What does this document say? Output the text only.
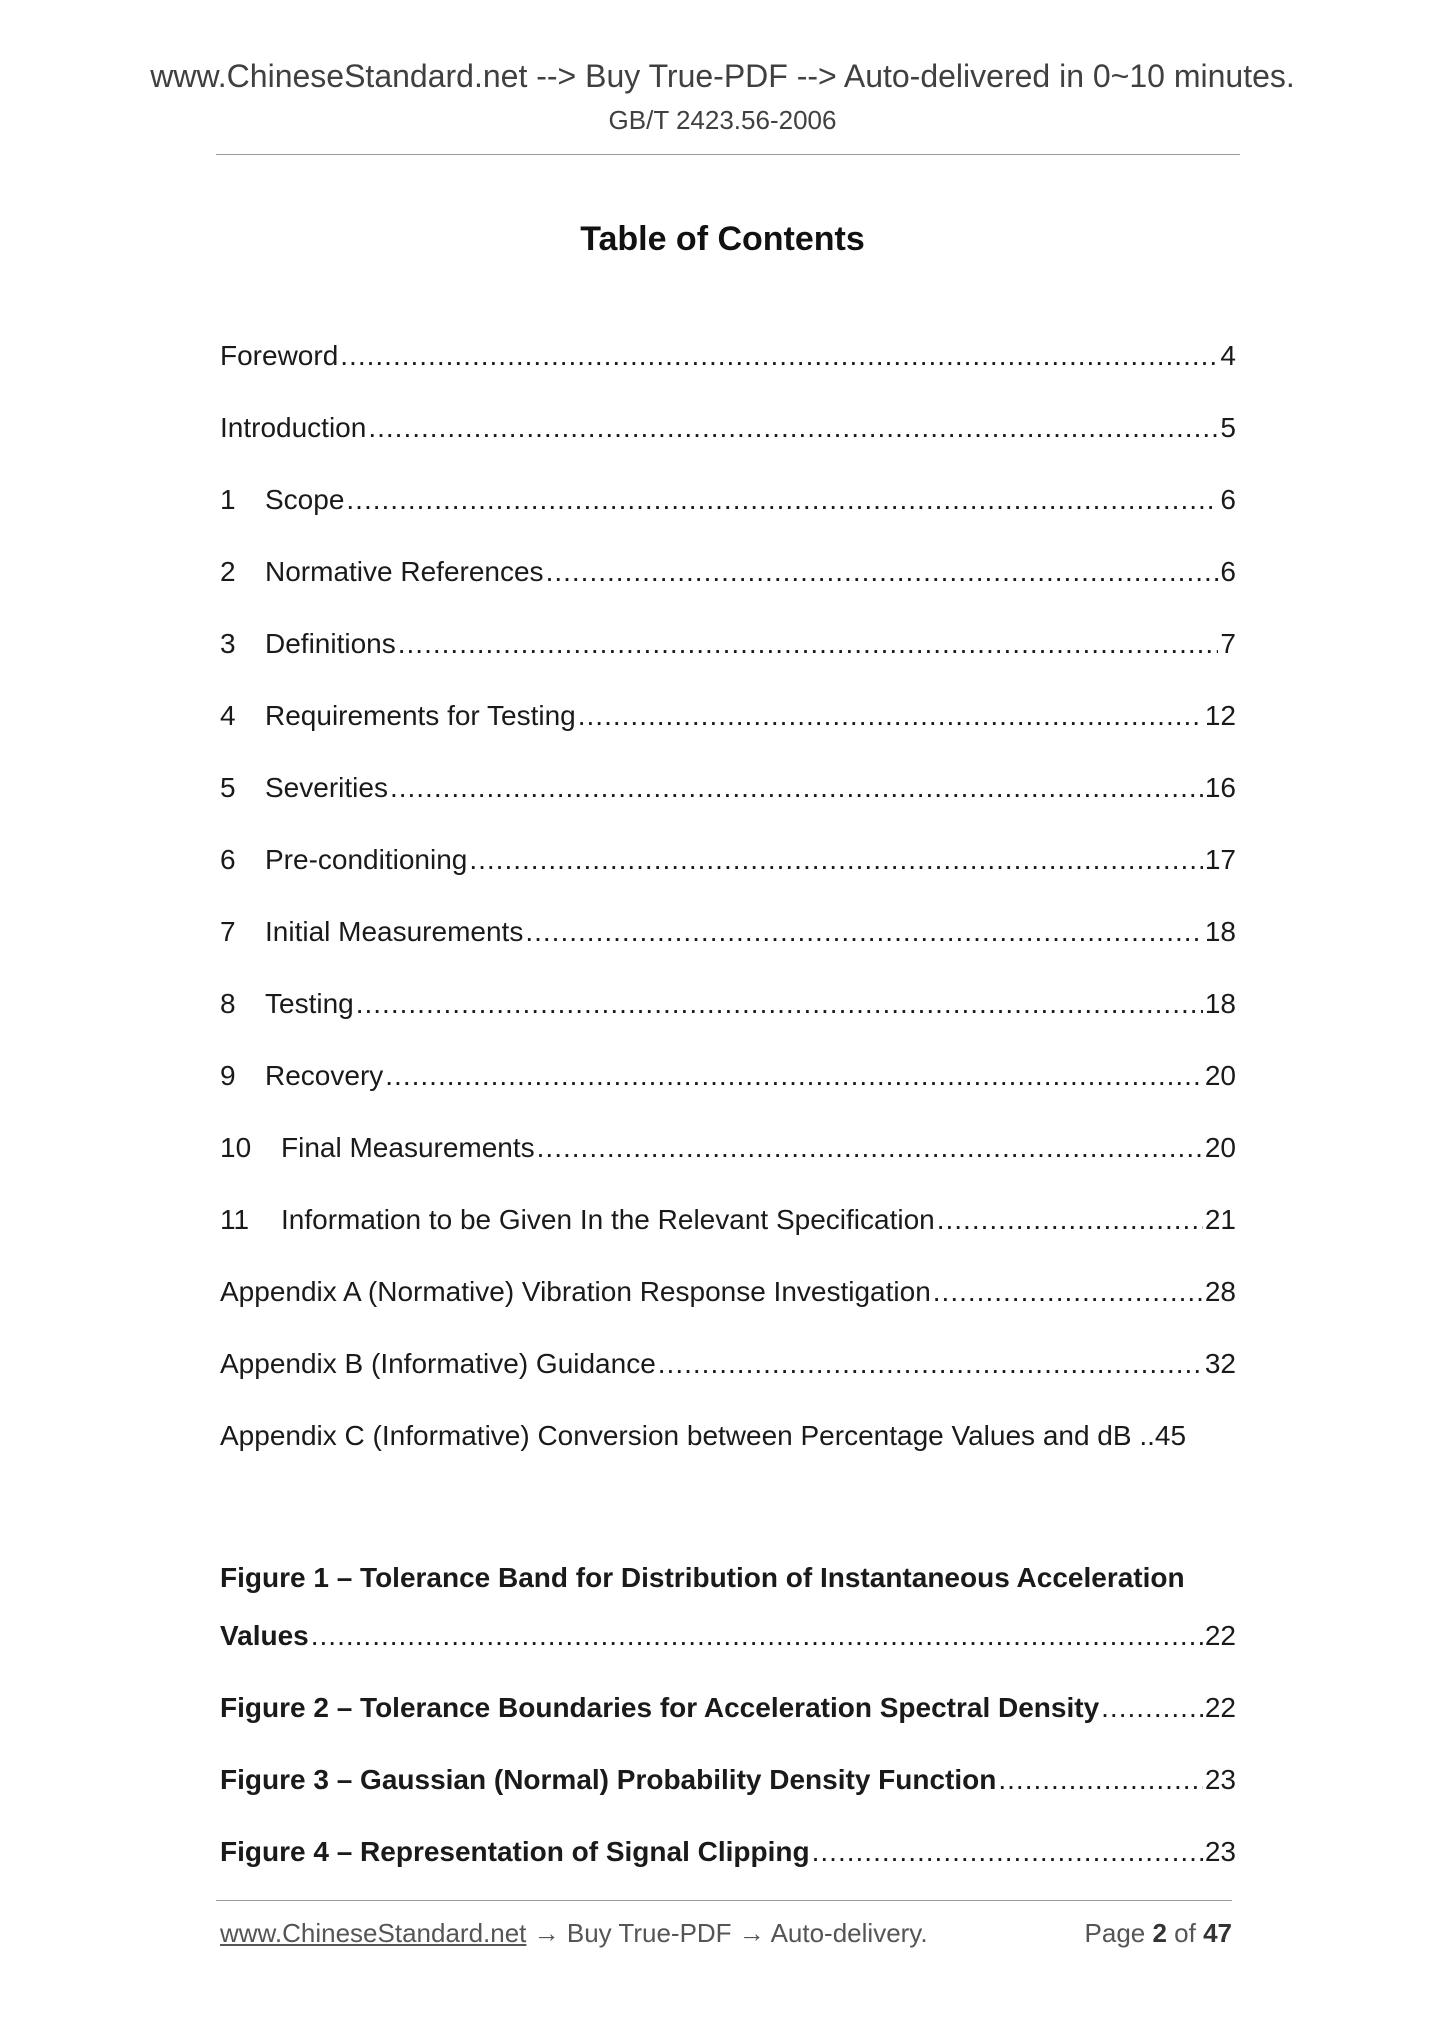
www.ChineseStandard.net --> Buy True-PDF --> Auto-delivered in 0~10 minutes.
GB/T 2423.56-2006
Table of Contents
Foreword .....	4
Introduction .....	5
1	Scope .....	6
2	Normative References .....	6
3	Definitions .....	7
4	Requirements for Testing .....	12
5	Severities .....	16
6	Pre-conditioning .....	17
7	Initial Measurements .....	18
8	Testing .....	18
9	Recovery .....	20
10	Final Measurements .....	20
11	Information to be Given In the Relevant Specification .....	21
Appendix A (Normative) Vibration Response Investigation .....	28
Appendix B (Informative) Guidance .....	32
Appendix C (Informative) Conversion between Percentage Values and dB .. 45
Figure 1 – Tolerance Band for Distribution of Instantaneous Acceleration
Values .....	22
Figure 2 – Tolerance Boundaries for Acceleration Spectral Density .....	22
Figure 3 – Gaussian (Normal) Probability Density Function .....	23
Figure 4 – Representation of Signal Clipping .....	23
www.ChineseStandard.net → Buy True-PDF → Auto-delivery.	Page 2 of 47
